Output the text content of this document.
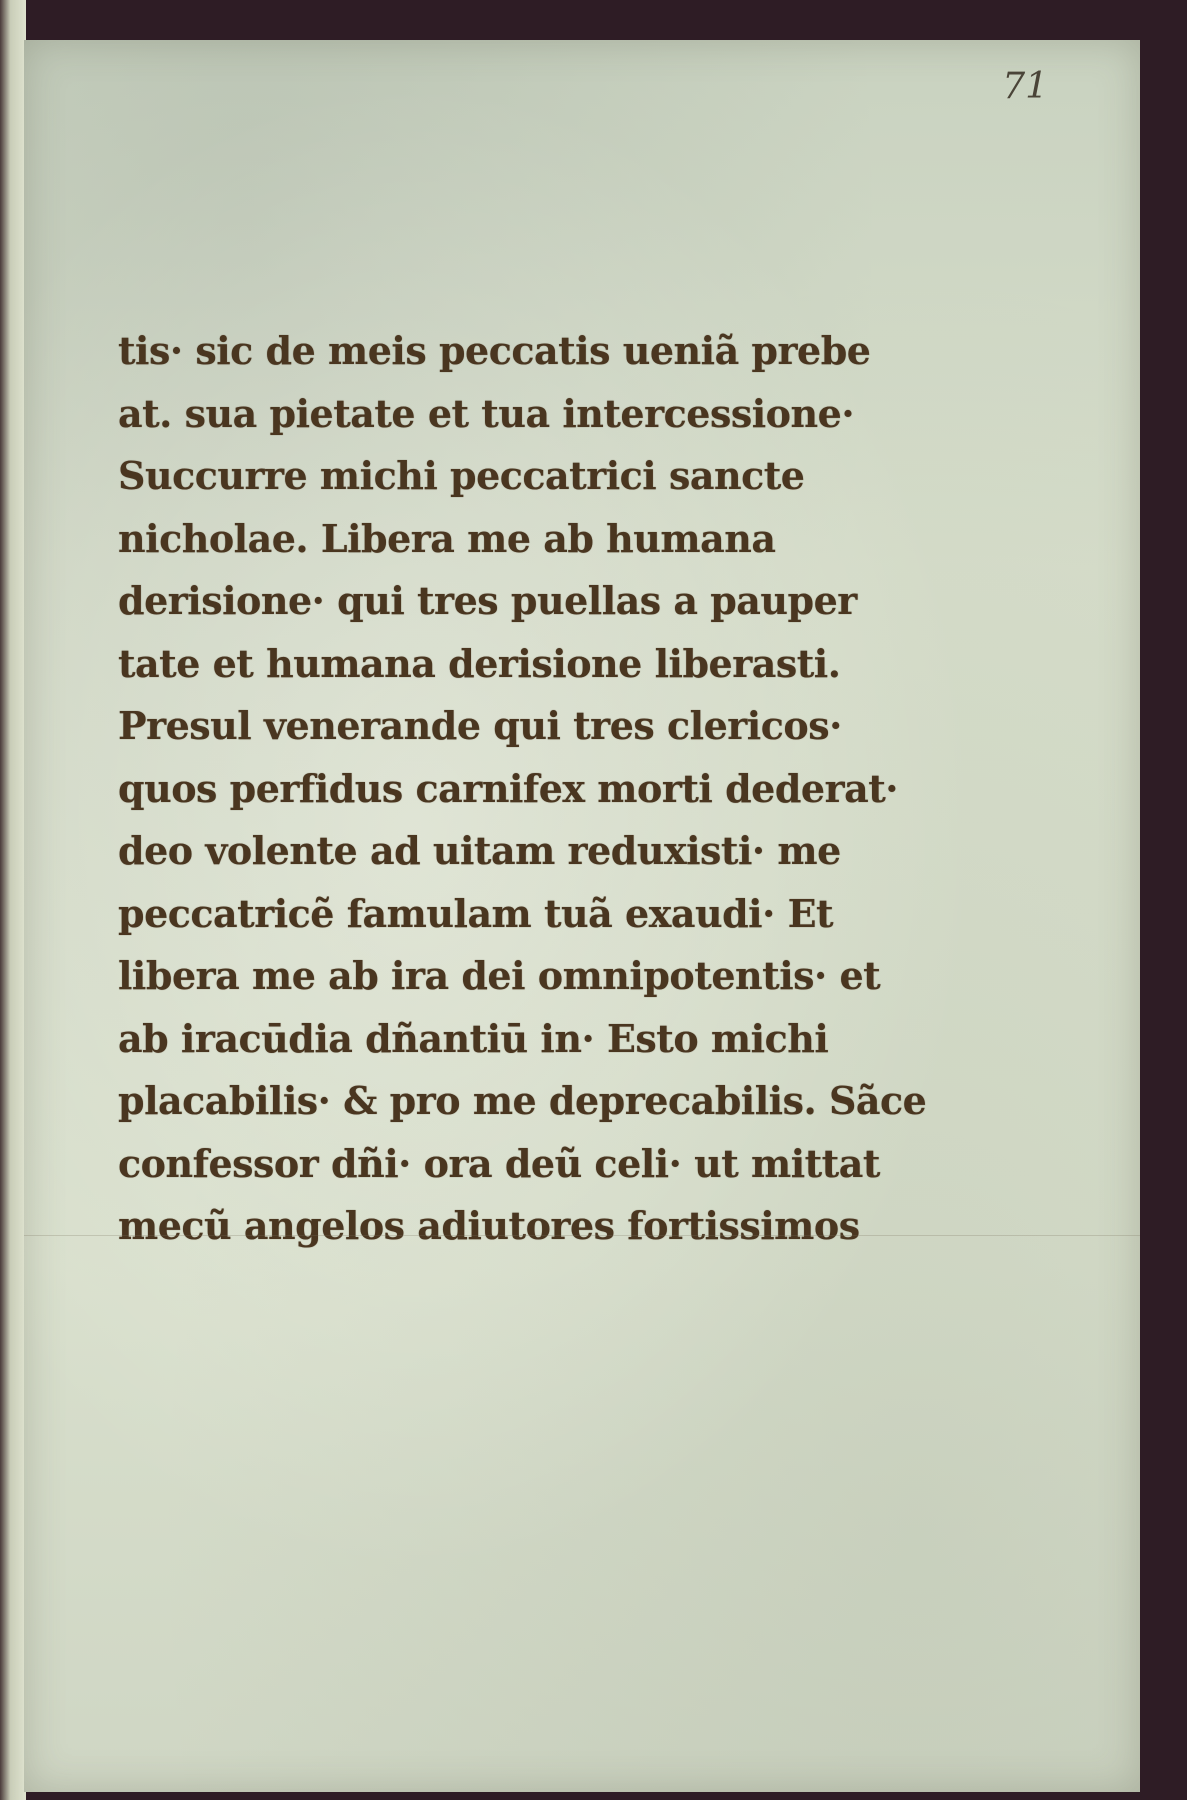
71
tis· sic de meis peccatis ueniã prebe
at. sua pietate et tua intercessione·
Succurre michi peccatrici sancte
nicholae. Libera me ab humana
derisione· qui tres puellas a pauper
tate et humana derisione liberasti.
Presul venerande qui tres clericos·
quos perfidus carnifex morti dederat·
deo volente ad uitam reduxisti· me
peccatricẽ famulam tuã exaudi· Et
libera me ab ira dei omnipotentis· et
ab iracūdia dñantiū in· Esto michi
placabilis· & pro me deprecabilis. Sãce
confessor dñi· ora deũ celi· ut mittat
mecũ angelos adiutores fortissimos
